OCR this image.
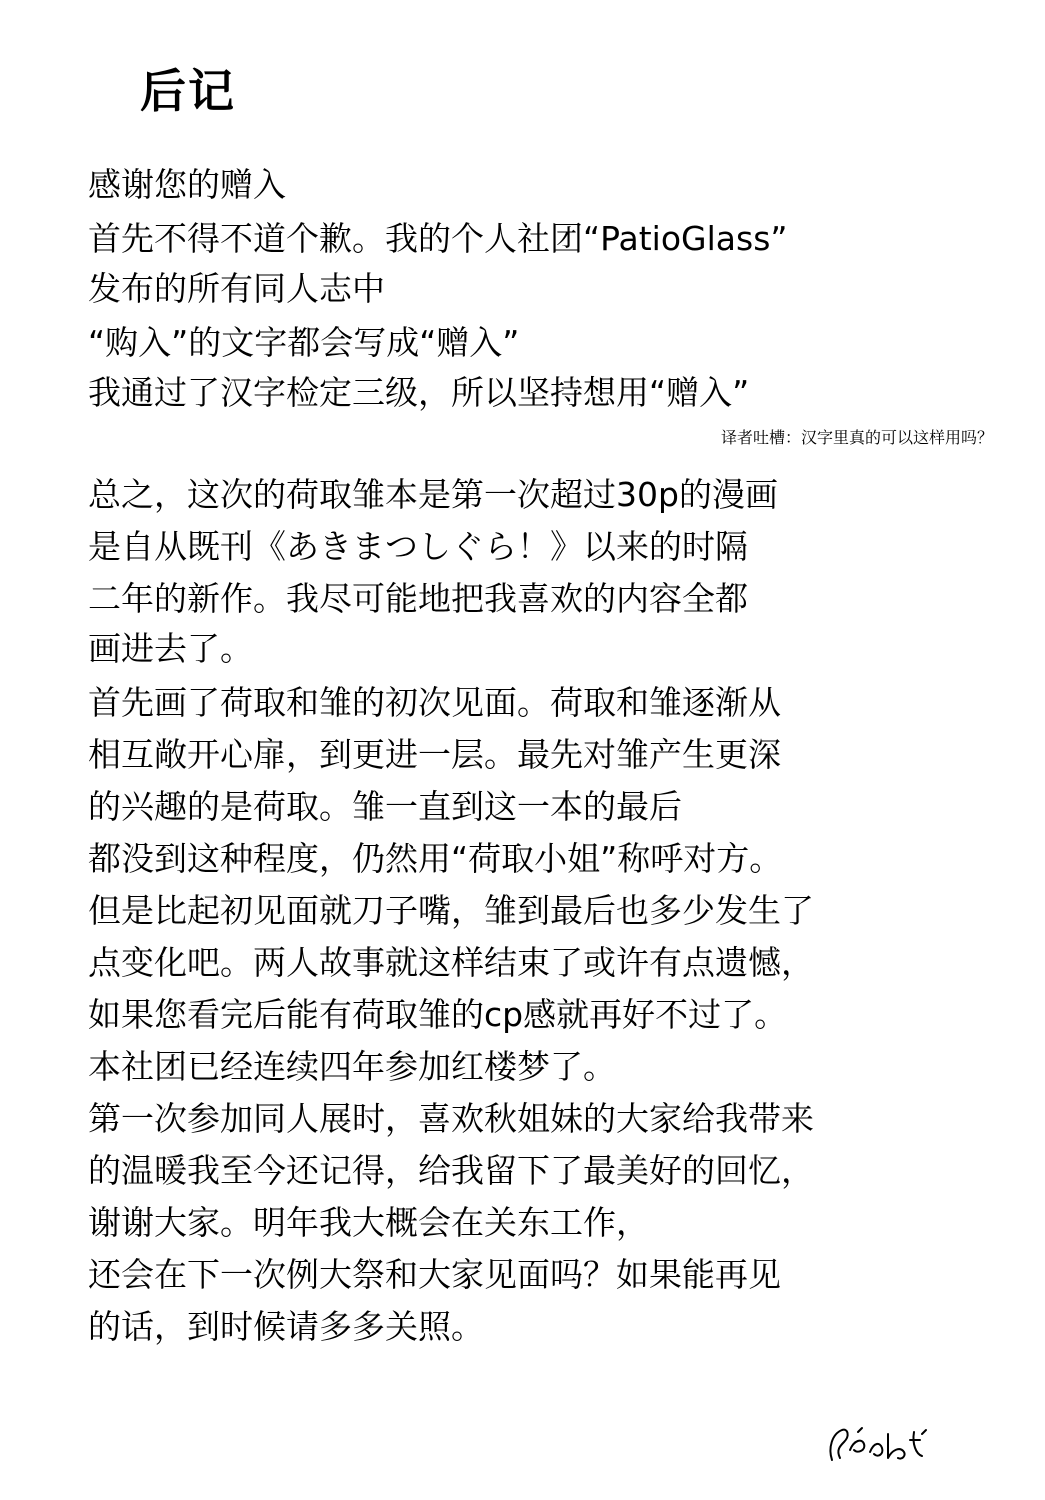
后记
感谢您的赠入
首先不得不道个歉。我的个人社团“PatioGlass”
发布的所有同人志中
“购入”的文字都会写成“赠入”
我通过了汉字检定三级，所以坚持想用“赠入”
译者吐槽：汉字里真的可以这样用吗？
总之，这次的荷取雏本是第一次超过30p的漫画
是自从既刊《あきまつしぐら！》以来的时隔
二年的新作。我尽可能地把我喜欢的内容全都
画进去了。
首先画了荷取和雏的初次见面。荷取和雏逐渐从
相互敞开心扉，到更进一层。最先对雏产生更深
的兴趣的是荷取。雏一直到这一本的最后
都没到这种程度，仍然用“荷取小姐”称呼对方。
但是比起初见面就刀子嘴，雏到最后也多少发生了
点变化吧。两人故事就这样结束了或许有点遗憾，
如果您看完后能有荷取雏的cp感就再好不过了。
本社团已经连续四年参加红楼梦了。
第一次参加同人展时，喜欢秋姐妹的大家给我带来
的温暖我至今还记得，给我留下了最美好的回忆，
谢谢大家。明年我大概会在关东工作，
还会在下一次例大祭和大家见面吗？如果能再见
的话，到时候请多多关照。
